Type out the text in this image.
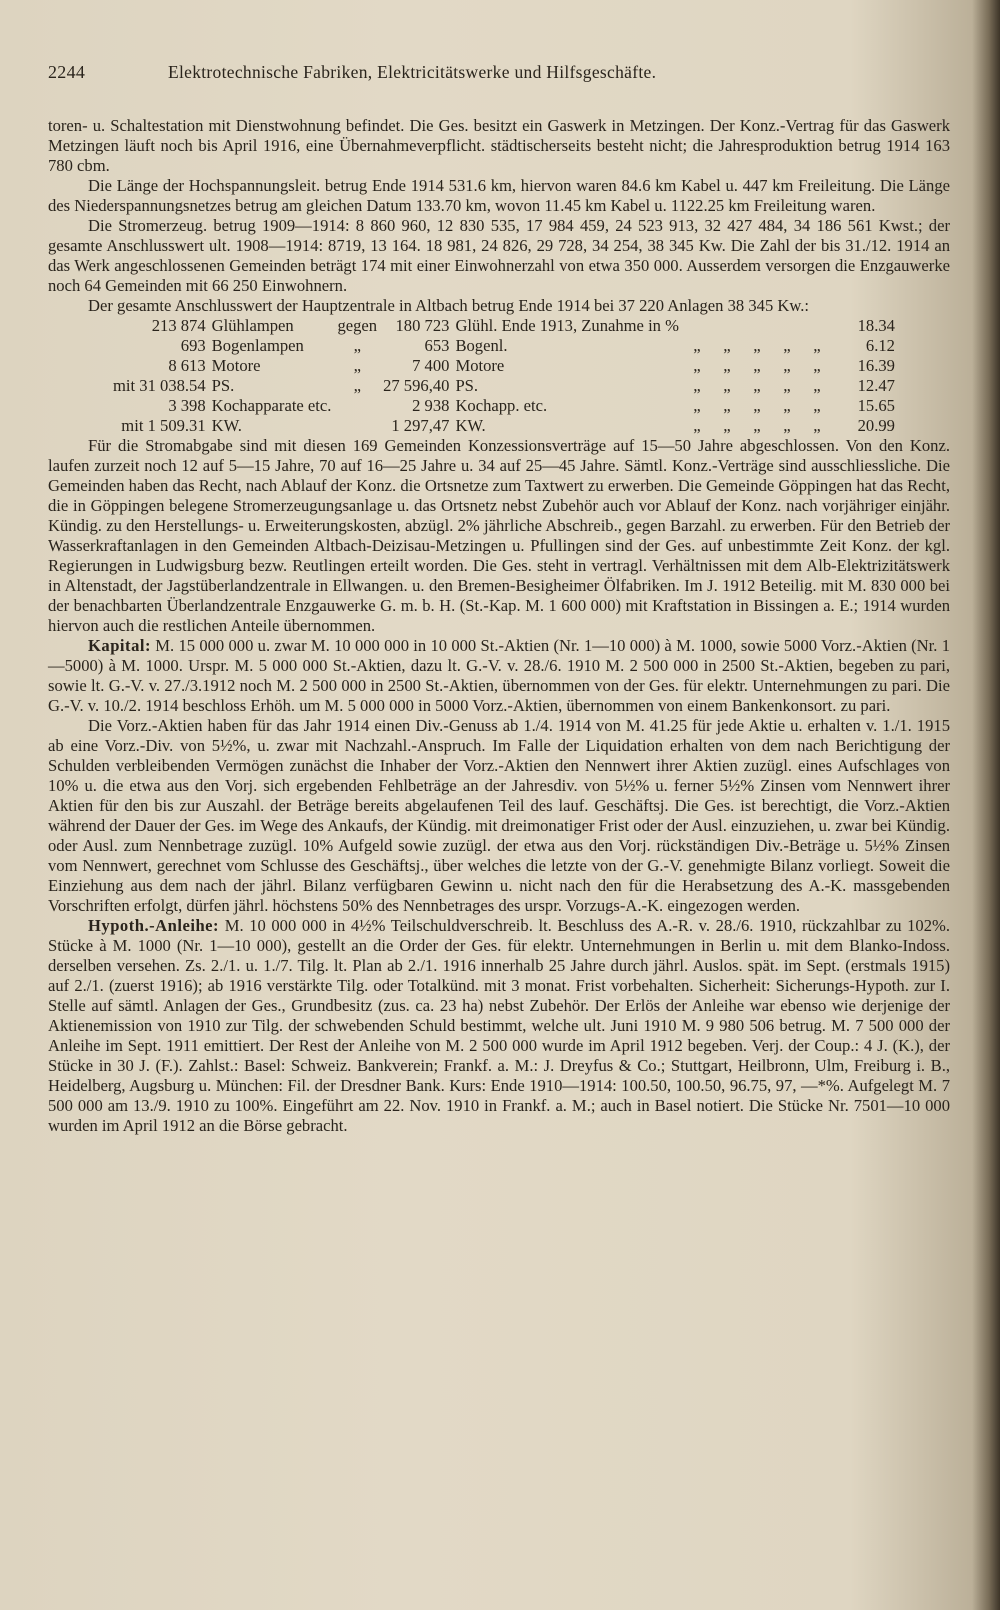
2244	Elektrotechnische Fabriken, Elektricitätswerke und Hilfsgeschäfte.

toren- u. Schaltestation mit Dienstwohnung befindet. Die Ges. besitzt ein Gaswerk in Metzingen. Der Konz.-Vertrag für das Gaswerk Metzingen läuft noch bis April 1916, eine Übernahmeverpflicht. städtischerseits besteht nicht; die Jahresproduktion betrug 1914 163 780 cbm.

Die Länge der Hochspannungsleit. betrug Ende 1914 531.6 km, hiervon waren 84.6 km Kabel u. 447 km Freileitung. Die Länge des Niederspannungsnetzes betrug am gleichen Datum 133.70 km, wovon 11.45 km Kabel u. 1122.25 km Freileitung waren.

Die Stromerzeug. betrug 1909—1914: 8 860 960, 12 830 535, 17 984 459, 24 523 913, 32 427 484, 34 186 561 Kwst.; der gesamte Anschlusswert ult. 1908—1914: 8719, 13 164. 18 981, 24 826, 29 728, 34 254, 38 345 Kw. Die Zahl der bis 31./12. 1914 an das Werk angeschlossenen Gemeinden beträgt 174 mit einer Einwohnerzahl von etwa 350 000. Ausserdem versorgen die Enzgauwerke noch 64 Gemeinden mit 66 250 Einwohnern.

Der gesamte Anschlusswert der Hauptzentrale in Altbach betrug Ende 1914 bei 37 220 Anlagen 38 345 Kw.:

213 874	Glühlampen	gegen	180 723	Glühl. Ende 1913, Zunahme in %						18.34
693	Bogenlampen	„	653	Bogenl.	„	„	„	„	„	6.12
8 613	Motore	„	7 400	Motore	„	„	„	„	„	16.39
mit 31 038.54	PS.	„	27 596,40	PS.	„	„	„	„	„	12.47
3 398	Kochapparate etc.		2 938	Kochapp. etc.	„	„	„	„	„	15.65
mit 1 509.31	KW.		1 297,47	KW.	„	„	„	„	„	20.99

Für die Stromabgabe sind mit diesen 169 Gemeinden Konzessionsverträge auf 15—50 Jahre abgeschlossen. Von den Konz. laufen zurzeit noch 12 auf 5—15 Jahre, 70 auf 16—25 Jahre u. 34 auf 25—45 Jahre. Sämtl. Konz.-Verträge sind ausschliessliche. Die Gemeinden haben das Recht, nach Ablauf der Konz. die Ortsnetze zum Taxtwert zu erwerben. Die Gemeinde Göppingen hat das Recht, die in Göppingen belegene Stromerzeugungsanlage u. das Ortsnetz nebst Zubehör auch vor Ablauf der Konz. nach vorjähriger einjähr. Kündig. zu den Herstellungs- u. Erweiterungskosten, abzügl. 2% jährliche Abschreib., gegen Barzahl. zu erwerben. Für den Betrieb der Wasserkraftanlagen in den Gemeinden Altbach-Deizisau-Metzingen u. Pfullingen sind der Ges. auf unbestimmte Zeit Konz. der kgl. Regierungen in Ludwigsburg bezw. Reutlingen erteilt worden. Die Ges. steht in vertragl. Verhältnissen mit dem Alb-Elektrizitätswerk in Altenstadt, der Jagstüberlandzentrale in Ellwangen. u. den Bremen-Besigheimer Ölfabriken. Im J. 1912 Beteilig. mit M. 830 000 bei der benachbarten Überlandzentrale Enzgauwerke G. m. b. H. (St.-Kap. M. 1 600 000) mit Kraftstation in Bissingen a. E.; 1914 wurden hiervon auch die restlichen Anteile übernommen.

Kapital: M. 15 000 000 u. zwar M. 10 000 000 in 10 000 St.-Aktien (Nr. 1—10 000) à M. 1000, sowie 5000 Vorz.-Aktien (Nr. 1—5000) à M. 1000. Urspr. M. 5 000 000 St.-Aktien, dazu lt. G.-V. v. 28./6. 1910 M. 2 500 000 in 2500 St.-Aktien, begeben zu pari, sowie lt. G.-V. v. 27./3.1912 noch M. 2 500 000 in 2500 St.-Aktien, übernommen von der Ges. für elektr. Unternehmungen zu pari. Die G.-V. v. 10./2. 1914 beschloss Erhöh. um M. 5 000 000 in 5000 Vorz.-Aktien, übernommen von einem Bankenkonsort. zu pari.

Die Vorz.-Aktien haben für das Jahr 1914 einen Div.-Genuss ab 1./4. 1914 von M. 41.25 für jede Aktie u. erhalten v. 1./1. 1915 ab eine Vorz.-Div. von 5½%, u. zwar mit Nachzahl.-Anspruch. Im Falle der Liquidation erhalten von dem nach Berichtigung der Schulden verbleibenden Vermögen zunächst die Inhaber der Vorz.-Aktien den Nennwert ihrer Aktien zuzügl. eines Aufschlages von 10% u. die etwa aus den Vorj. sich ergebenden Fehlbeträge an der Jahresdiv. von 5½% u. ferner 5½% Zinsen vom Nennwert ihrer Aktien für den bis zur Auszahl. der Beträge bereits abgelaufenen Teil des lauf. Geschäftsj. Die Ges. ist berechtigt, die Vorz.-Aktien während der Dauer der Ges. im Wege des Ankaufs, der Kündig. mit dreimonatiger Frist oder der Ausl. einzuziehen, u. zwar bei Kündig. oder Ausl. zum Nennbetrage zuzügl. 10% Aufgeld sowie zuzügl. der etwa aus den Vorj. rückständigen Div.-Beträge u. 5½% Zinsen vom Nennwert, gerechnet vom Schlusse des Geschäftsj., über welches die letzte von der G.-V. genehmigte Bilanz vorliegt. Soweit die Einziehung aus dem nach der jährl. Bilanz verfügbaren Gewinn u. nicht nach den für die Herabsetzung des A.-K. massgebenden Vorschriften erfolgt, dürfen jährl. höchstens 50% des Nennbetrages des urspr. Vorzugs-A.-K. eingezogen werden.

Hypoth.-Anleihe: M. 10 000 000 in 4½% Teilschuldverschreib. lt. Beschluss des A.-R. v. 28./6. 1910, rückzahlbar zu 102%. Stücke à M. 1000 (Nr. 1—10 000), gestellt an die Order der Ges. für elektr. Unternehmungen in Berlin u. mit dem Blanko-Indoss. derselben versehen. Zs. 2./1. u. 1./7. Tilg. lt. Plan ab 2./1. 1916 innerhalb 25 Jahre durch jährl. Auslos. spät. im Sept. (erstmals 1915) auf 2./1. (zuerst 1916); ab 1916 verstärkte Tilg. oder Totalkünd. mit 3 monat. Frist vorbehalten. Sicherheit: Sicherungs-Hypoth. zur I. Stelle auf sämtl. Anlagen der Ges., Grundbesitz (zus. ca. 23 ha) nebst Zubehör. Der Erlös der Anleihe war ebenso wie derjenige der Aktienemission von 1910 zur Tilg. der schwebenden Schuld bestimmt, welche ult. Juni 1910 M. 9 980 506 betrug. M. 7 500 000 der Anleihe im Sept. 1911 emittiert. Der Rest der Anleihe von M. 2 500 000 wurde im April 1912 begeben. Verj. der Coup.: 4 J. (K.), der Stücke in 30 J. (F.). Zahlst.: Basel: Schweiz. Bankverein; Frankf. a. M.: J. Dreyfus & Co.; Stuttgart, Heilbronn, Ulm, Freiburg i. B., Heidelberg, Augsburg u. München: Fil. der Dresdner Bank. Kurs: Ende 1910—1914: 100.50, 100.50, 96.75, 97, —*%. Aufgelegt M. 7 500 000 am 13./9. 1910 zu 100%. Eingeführt am 22. Nov. 1910 in Frankf. a. M.; auch in Basel notiert. Die Stücke Nr. 7501—10 000 wurden im April 1912 an die Börse gebracht.
